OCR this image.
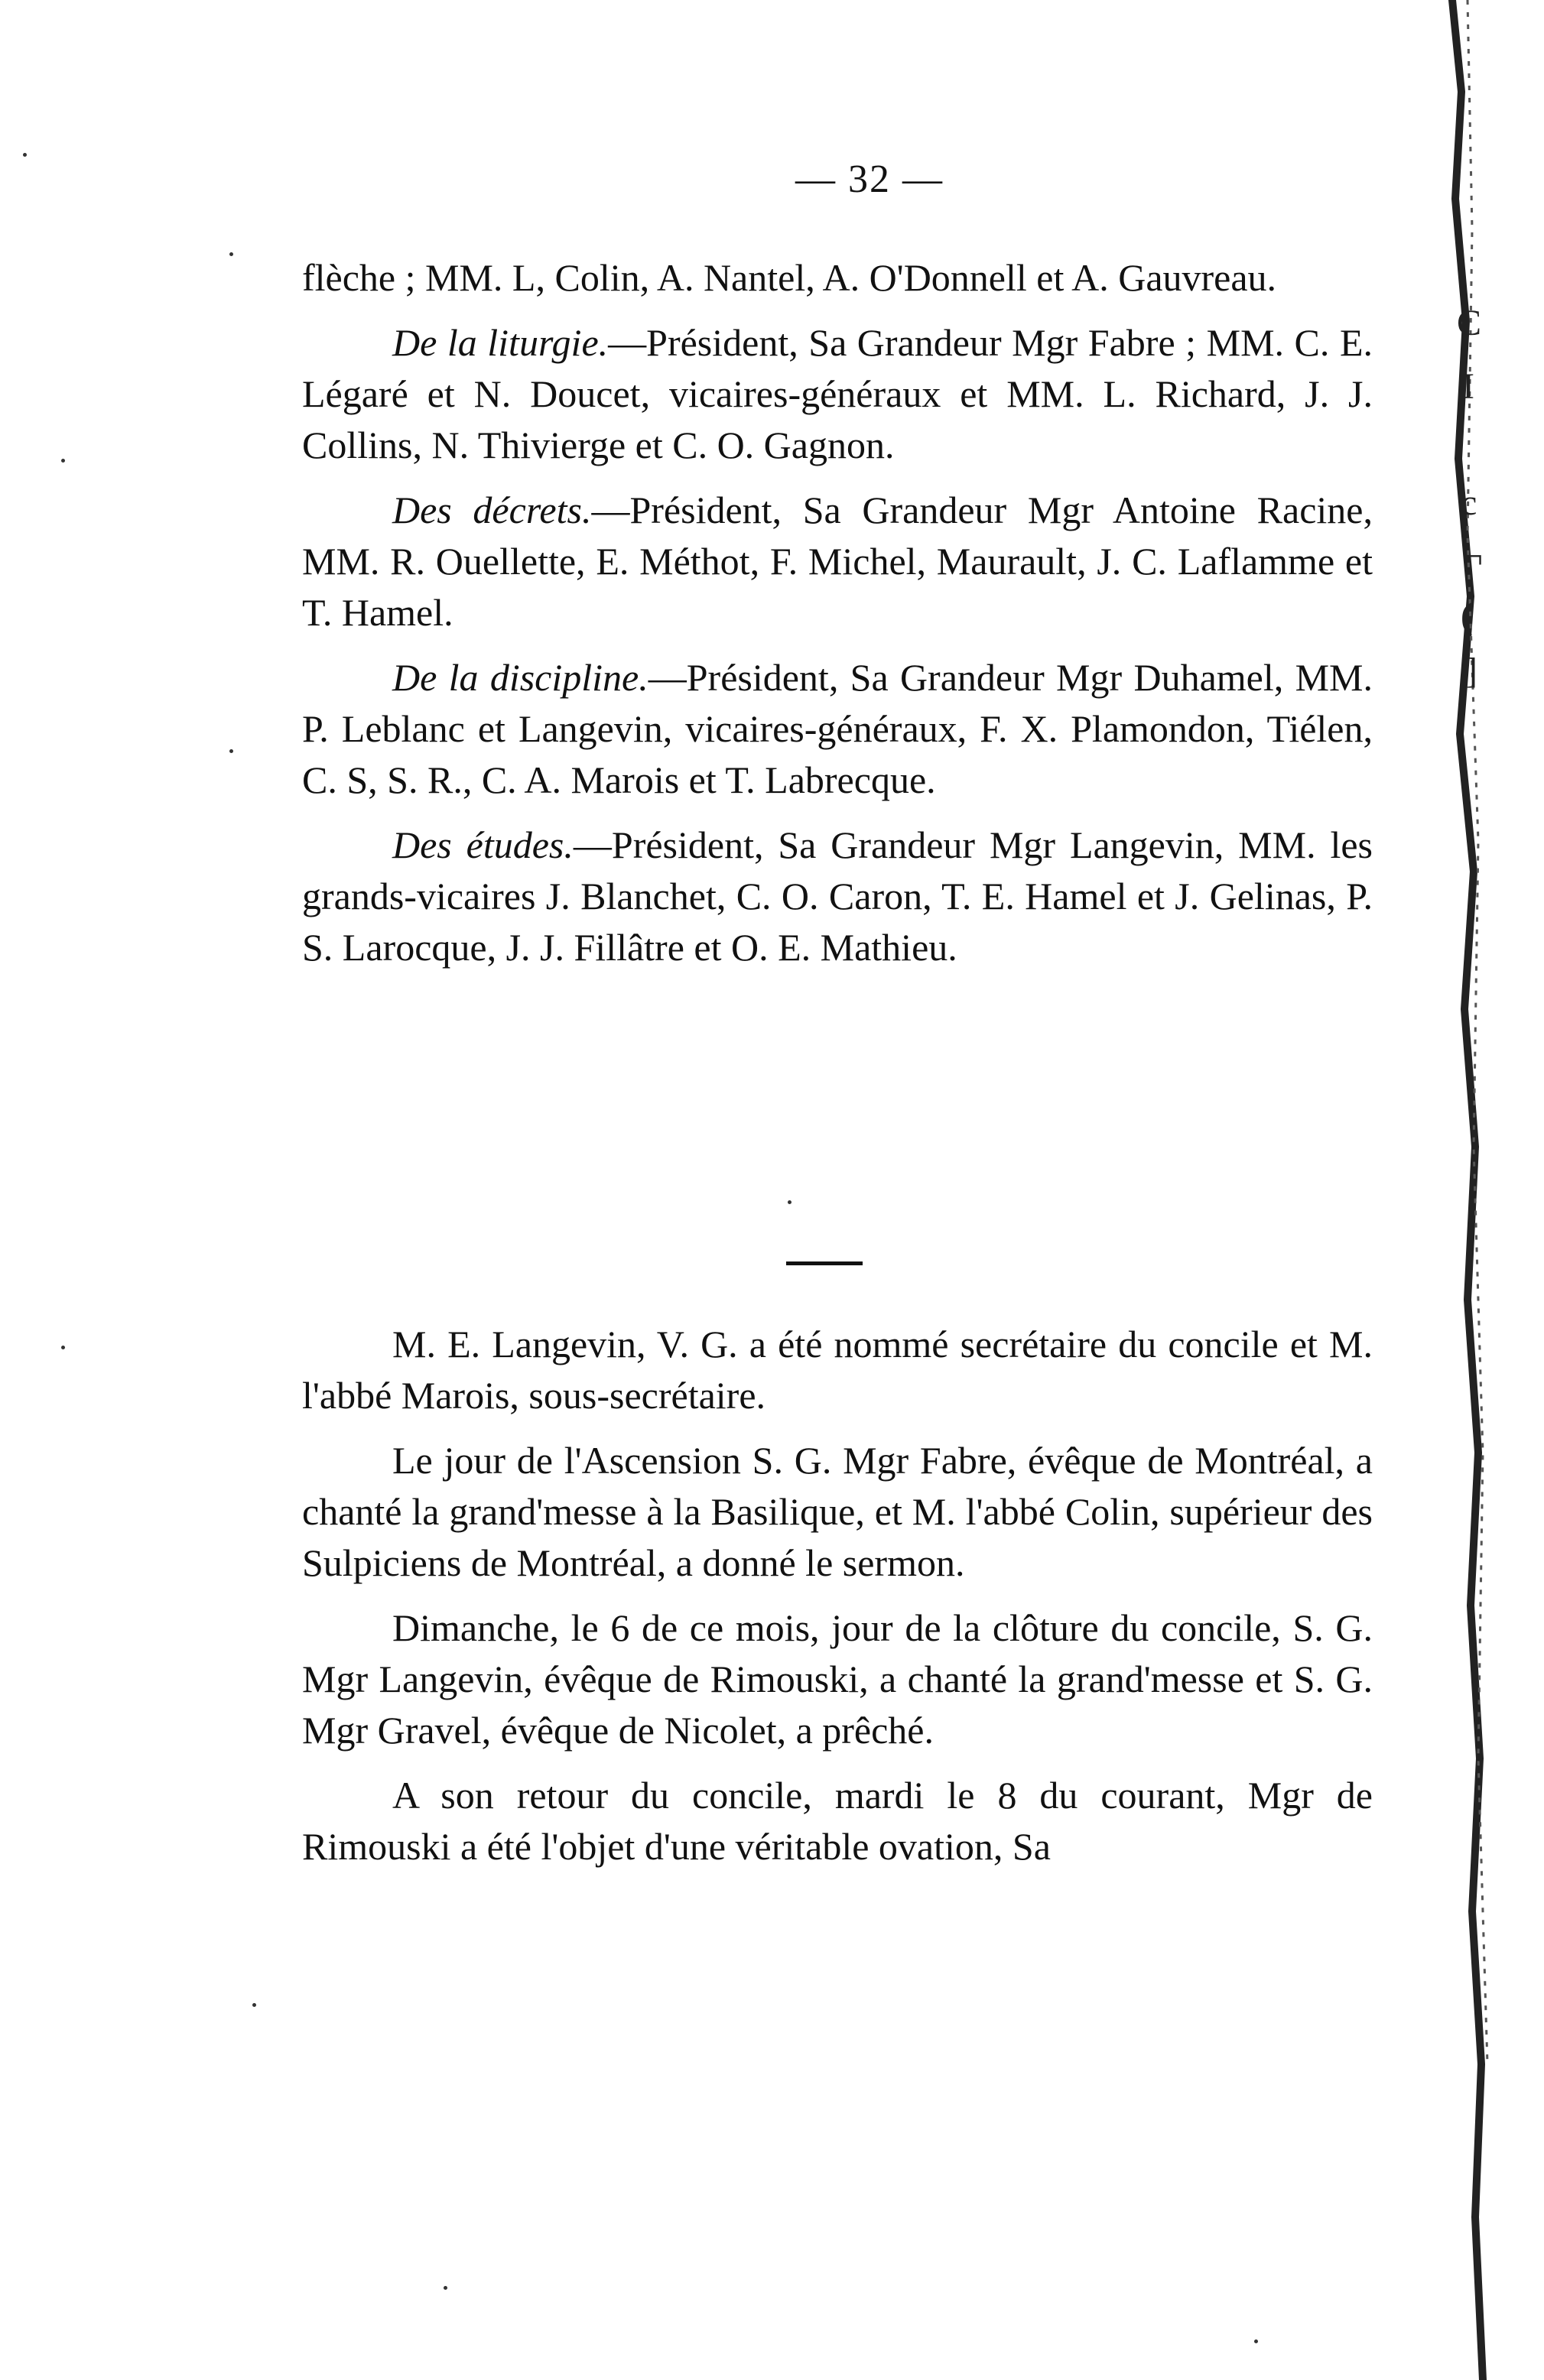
— 32 —

flèche ; MM. L, Colin, A. Nantel, A. O'Donnell et A. Gauvreau.

De la liturgie.—Président, Sa Grandeur Mgr Fabre ; MM. C. E. Légaré et N. Doucet, vicaires-généraux et MM. L. Richard, J. J. Collins, N. Thivierge et C. O. Gagnon.

Des décrets.—Président, Sa Grandeur Mgr Antoine Racine, MM. R. Ouellette, E. Méthot, F. Michel, Maurault, J. C. Laflamme et T. Hamel.

De la discipline.—Président, Sa Grandeur Mgr Duhamel, MM. P. Leblanc et Langevin, vicaires-généraux, F. X. Plamondon, Tiélen, C. S, S. R., C. A. Marois et T. Labrecque.

Des études.—Président, Sa Grandeur Mgr Langevin, MM. les grands-vicaires J. Blanchet, C. O. Caron, T. E. Hamel et J. Gelinas, P. S. Larocque, J. J. Fillâtre et O. E. Mathieu.

M. E. Langevin, V. G. a été nommé secrétaire du concile et M. l'abbé Marois, sous-secrétaire.

Le jour de l'Ascension S. G. Mgr Fabre, évêque de Montréal, a chanté la grand'messe à la Basilique, et M. l'abbé Colin, supérieur des Sulpiciens de Montréal, a donné le sermon.

Dimanche, le 6 de ce mois, jour de la clôture du concile, S. G. Mgr Langevin, évêque de Rimouski, a chanté la grand'messe et S. G. Mgr Gravel, évêque de Nicolet, a prêché.

A son retour du concile, mardi le 8 du courant, Mgr de Rimouski a été l'objet d'une véritable ovation, Sa

C
I
c
¬
(
]
